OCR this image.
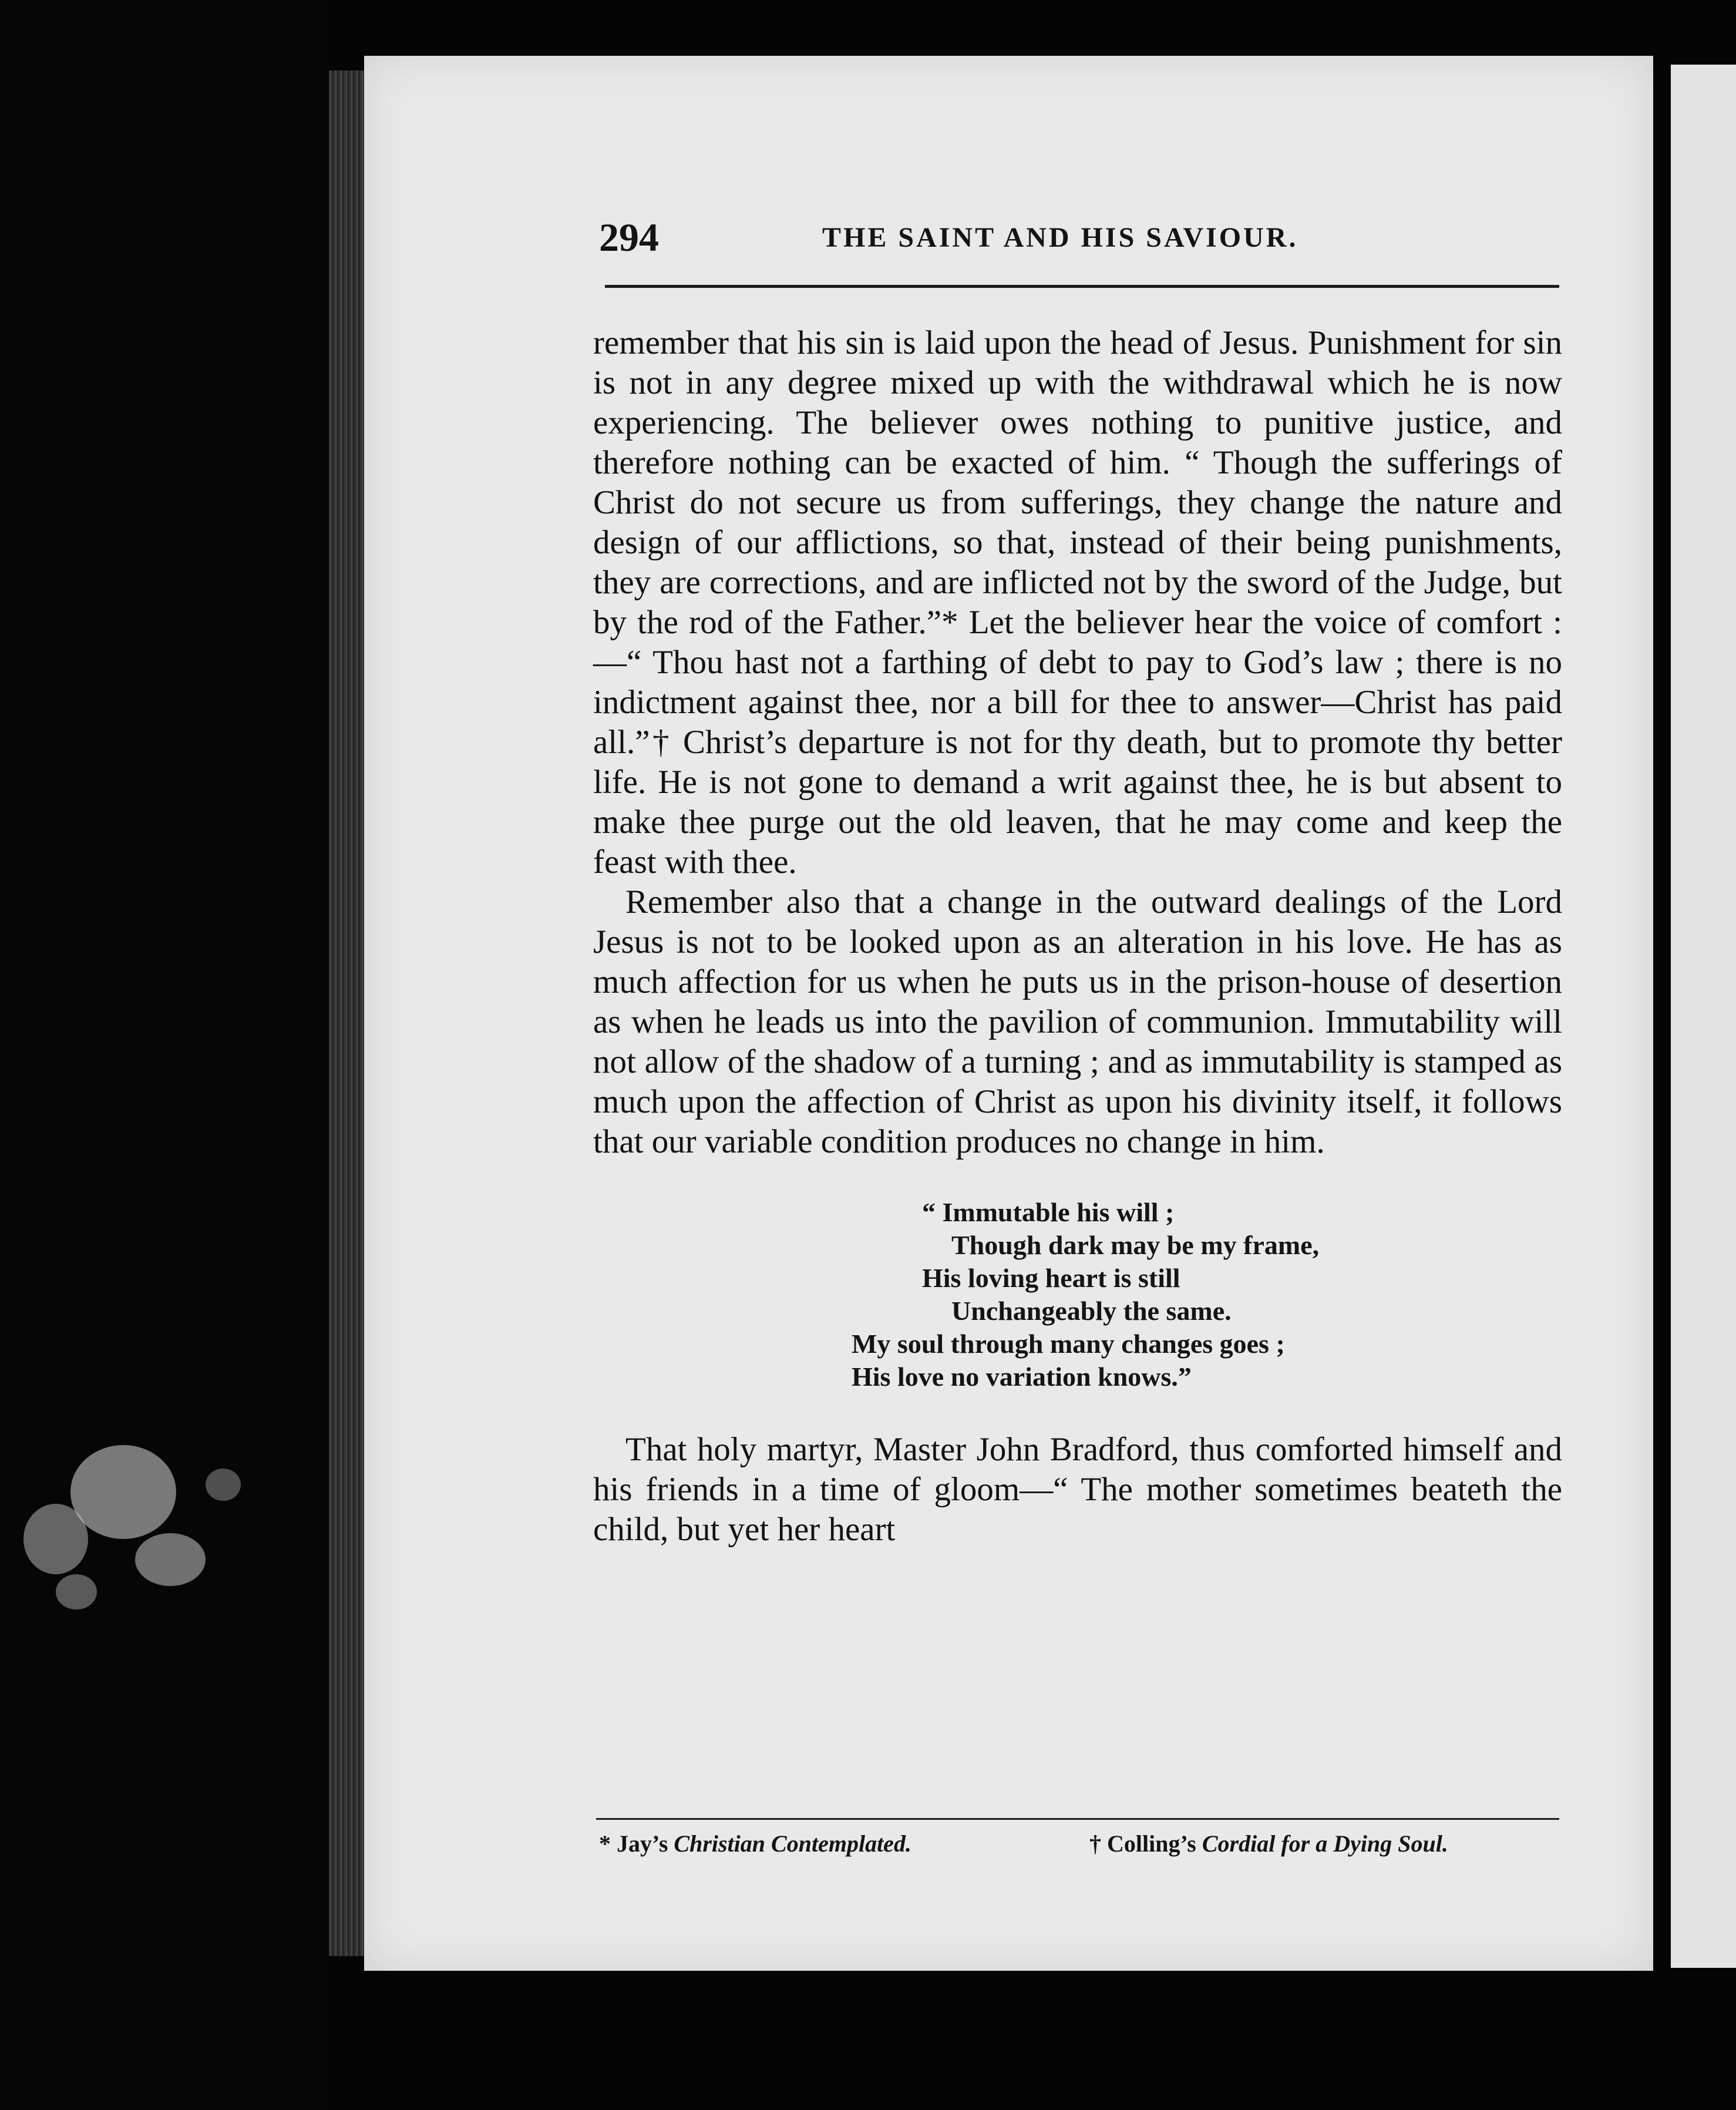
294	THE SAINT AND HIS SAVIOUR.

remember that his sin is laid upon the head of Jesus. Punishment for sin is not in any degree mixed up with the withdrawal which he is now experiencing. The believer owes nothing to punitive justice, and therefore nothing can be exacted of him. “ Though the sufferings of Christ do not secure us from sufferings, they change the nature and design of our afflictions, so that, instead of their being punishments, they are corrections, and are inflicted not by the sword of the Judge, but by the rod of the Father.”* Let the believer hear the voice of comfort : —“ Thou hast not a farthing of debt to pay to God’s law ; there is no indictment against thee, nor a bill for thee to answer—Christ has paid all.”† Christ’s departure is not for thy death, but to promote thy better life. He is not gone to demand a writ against thee, he is but absent to make thee purge out the old leaven, that he may come and keep the feast with thee.

Remember also that a change in the outward dealings of the Lord Jesus is not to be looked upon as an alteration in his love. He has as much affection for us when he puts us in the prison-house of desertion as when he leads us into the pavilion of communion. Immutability will not allow of the shadow of a turning ; and as immutability is stamped as much upon the affection of Christ as upon his divinity itself, it follows that our variable condition produces no change in him.

“ Immutable his will ;
Though dark may be my frame,
His loving heart is still
Unchangeably the same.
My soul through many changes goes ;
His love no variation knows.”

That holy martyr, Master John Bradford, thus comforted himself and his friends in a time of gloom—“ The mother sometimes beateth the child, but yet her heart

* Jay’s Christian Contemplated.	† Colling’s Cordial for a Dying Soul.
